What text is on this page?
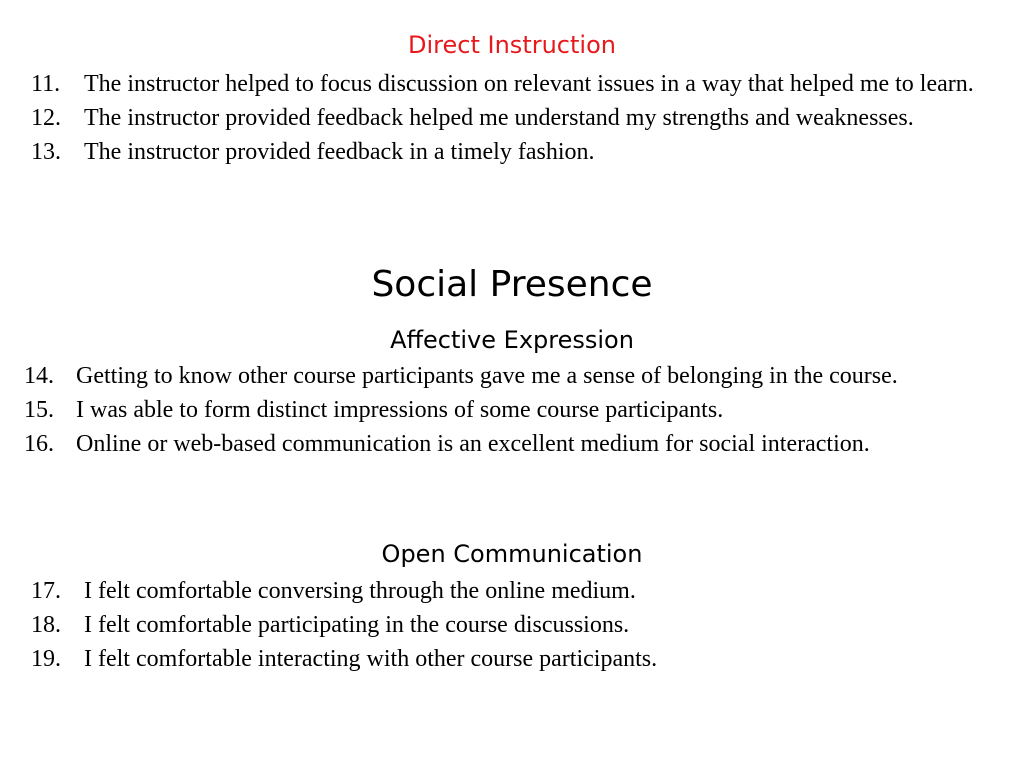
Direct Instruction
11. The instructor helped to focus discussion on relevant issues in a way that helped me to learn.
12. The instructor provided feedback helped me understand my strengths and weaknesses.
13. The instructor provided feedback in a timely fashion.
Social Presence
Affective Expression
14. Getting to know other course participants gave me a sense of belonging in the course.
15. I was able to form distinct impressions of some course participants.
16. Online or web-based communication is an excellent medium for social interaction.
Open Communication
17. I felt comfortable conversing through the online medium.
18. I felt comfortable participating in the course discussions.
19. I felt comfortable interacting with other course participants.
